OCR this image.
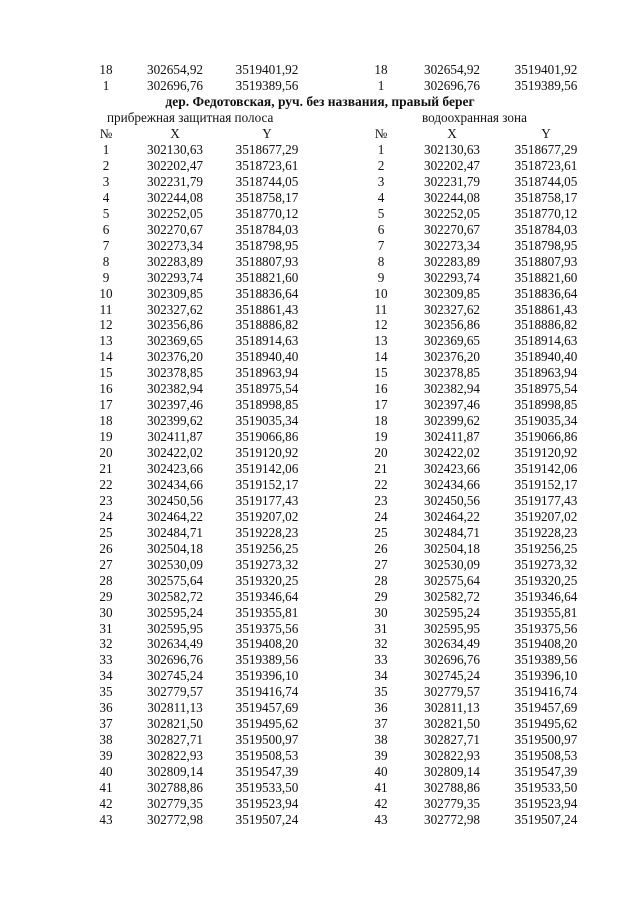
18	302654,92 3519401,92	18	302654,92	3519401,92
1	302696,76 3519389,56	1	302696,76	3519389,56
дер. Федотовская, руч. без названия, правый берег
прибрежная защитная полоса	водоохранная зона
№	X	Y	№	X	Y
1	302130,63 3518677,29	1	302130,63	3518677,29
2	302202,47 3518723,61	2	302202,47	3518723,61
3	302231,79 3518744,05	3	302231,79	3518744,05
4	302244,08 3518758,17	4	302244,08	3518758,17
5	302252,05 3518770,12	5	302252,05	3518770,12
6	302270,67 3518784,03	6	302270,67	3518784,03
7	302273,34 3518798,95	7	302273,34	3518798,95
8	302283,89 3518807,93	8	302283,89	3518807,93
9	302293,74 3518821,60	9	302293,74	3518821,60
10	302309,85 3518836,64	10	302309,85	3518836,64
11	302327,62 3518861,43	11	302327,62	3518861,43
12	302356,86 3518886,82	12	302356,86	3518886,82
13	302369,65 3518914,63	13	302369,65	3518914,63
14	302376,20 3518940,40	14	302376,20	3518940,40
15	302378,85 3518963,94	15	302378,85	3518963,94
16	302382,94 3518975,54	16	302382,94	3518975,54
17	302397,46 3518998,85	17	302397,46	3518998,85
18	302399,62 3519035,34	18	302399,62	3519035,34
19	302411,87 3519066,86	19	302411,87	3519066,86
20	302422,02 3519120,92	20	302422,02	3519120,92
21	302423,66 3519142,06	21	302423,66	3519142,06
22	302434,66 3519152,17	22	302434,66	3519152,17
23	302450,56 3519177,43	23	302450,56	3519177,43
24	302464,22 3519207,02	24	302464,22	3519207,02
25	302484,71 3519228,23	25	302484,71	3519228,23
26	302504,18 3519256,25	26	302504,18	3519256,25
27	302530,09 3519273,32	27	302530,09	3519273,32
28	302575,64 3519320,25	28	302575,64	3519320,25
29	302582,72 3519346,64	29	302582,72	3519346,64
30	302595,24 3519355,81	30	302595,24	3519355,81
31	302595,95 3519375,56	31	302595,95	3519375,56
32	302634,49 3519408,20	32	302634,49	3519408,20
33	302696,76 3519389,56	33	302696,76	3519389,56
34	302745,24 3519396,10	34	302745,24	3519396,10
35	302779,57 3519416,74	35	302779,57	3519416,74
36	302811,13 3519457,69	36	302811,13	3519457,69
37	302821,50 3519495,62	37	302821,50	3519495,62
38	302827,71 3519500,97	38	302827,71	3519500,97
39	302822,93 3519508,53	39	302822,93	3519508,53
40	302809,14 3519547,39	40	302809,14	3519547,39
41	302788,86 3519533,50	41	302788,86	3519533,50
42	302779,35 3519523,94	42	302779,35	3519523,94
43	302772,98 3519507,24	43	302772,98	3519507,24
